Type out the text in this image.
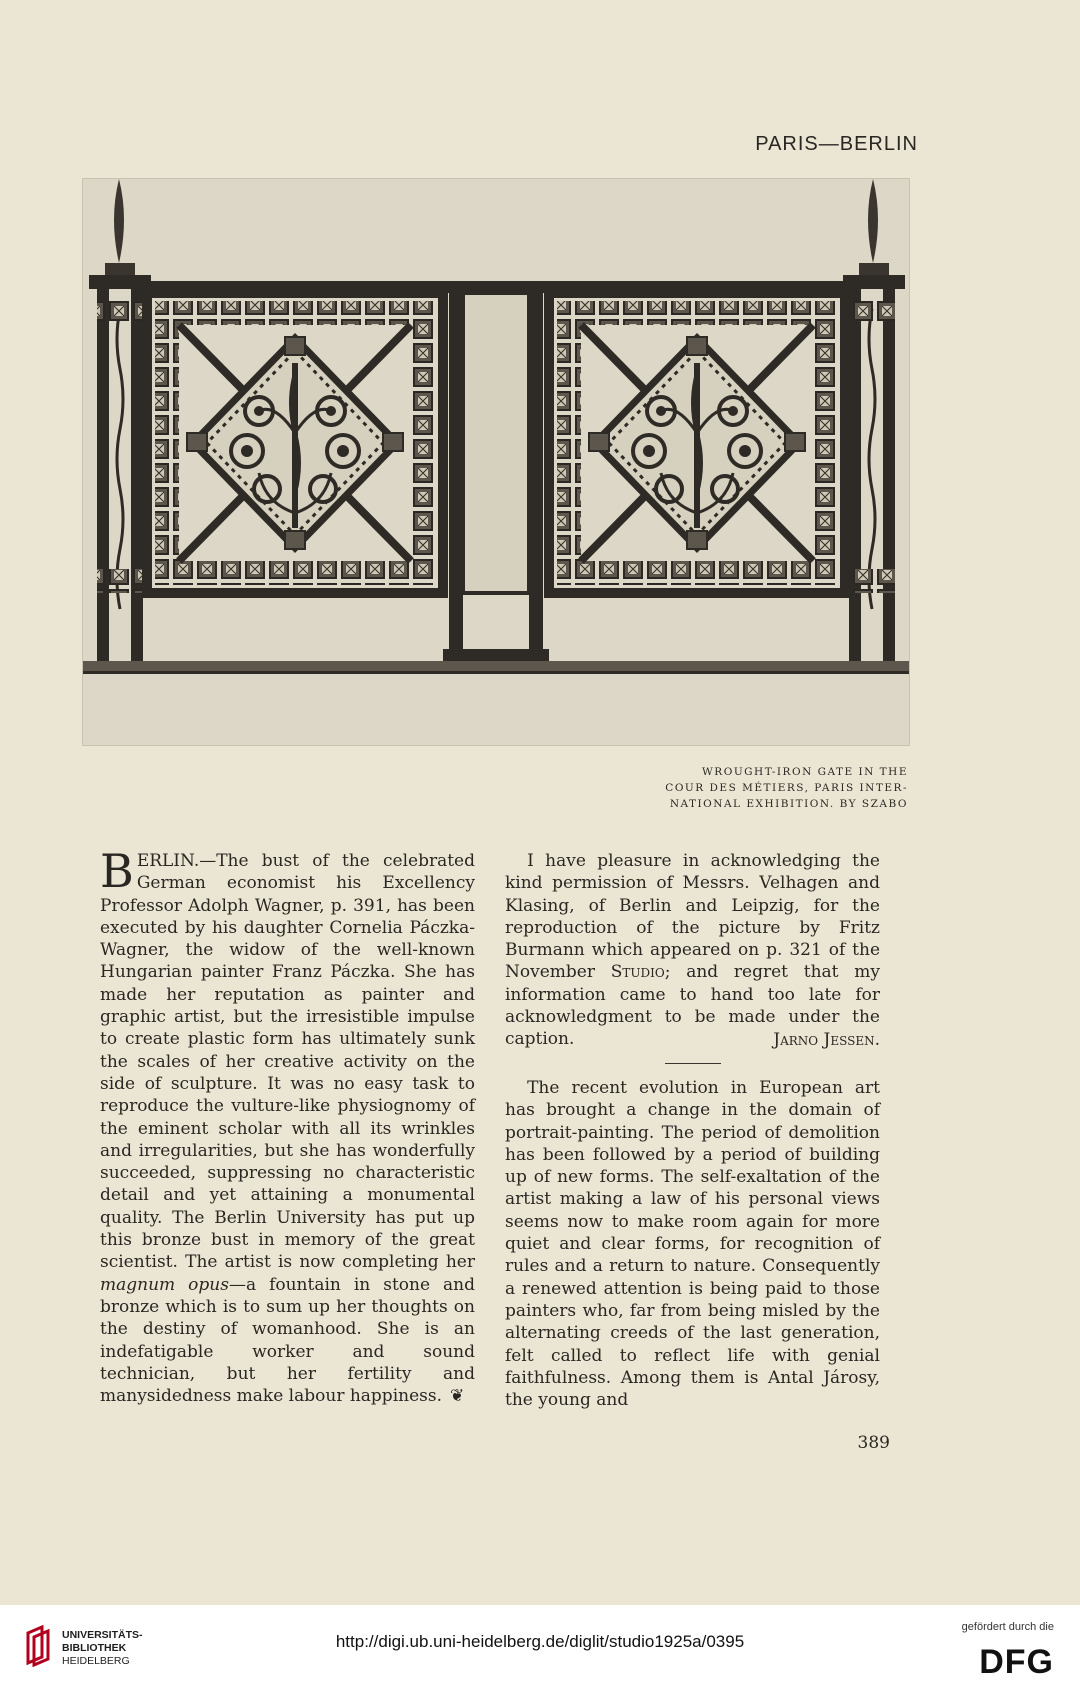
PARIS—BERLIN
WROUGHT-IRON GATE IN THE
COUR DES MÉTIERS, PARIS INTER-
NATIONAL EXHIBITION. BY SZABO

BERLIN.—The bust of the celebrated German economist his Excellency Professor Adolph Wagner, p. 391, has been executed by his daughter Cornelia Páczka-Wagner, the widow of the well-known Hungarian painter Franz Páczka. She has made her reputation as painter and graphic artist, but the irresistible impulse to create plastic form has ultimately sunk the scales of her creative activity on the side of sculpture. It was no easy task to reproduce the vulture-like physiognomy of the eminent scholar with all its wrinkles and irregularities, but she has wonderfully succeeded, suppressing no characteristic detail and yet attaining a monumental quality. The Berlin University has put up this bronze bust in memory of the great scientist. The artist is now completing her magnum opus—a fountain in stone and bronze which is to sum up her thoughts on the destiny of womanhood. She is an indefatigable worker and sound technician, but her fertility and manysidedness make labour happiness. ❦

I have pleasure in acknowledging the kind permission of Messrs. Velhagen and Klasing, of Berlin and Leipzig, for the reproduction of the picture by Fritz Burmann which appeared on p. 321 of the November Studio; and regret that my information came to hand too late for acknowledgment to be made under the caption.	Jarno Jessen.

The recent evolution in European art has brought a change in the domain of portrait-painting. The period of demolition has been followed by a period of building up of new forms. The self-exaltation of the artist making a law of his personal views seems now to make room again for more quiet and clear forms, for recognition of rules and a return to nature. Consequently a renewed attention is being paid to those painters who, far from being misled by the alternating creeds of the last generation, felt called to reflect life with genial faithfulness. Among them is Antal Járosy, the young and

389
UNIVERSITÄTS-
BIBLIOTHEK
HEIDELBERG
http://digi.ub.uni-heidelberg.de/diglit/studio1925a/0395
gefördert durch die
DFG
